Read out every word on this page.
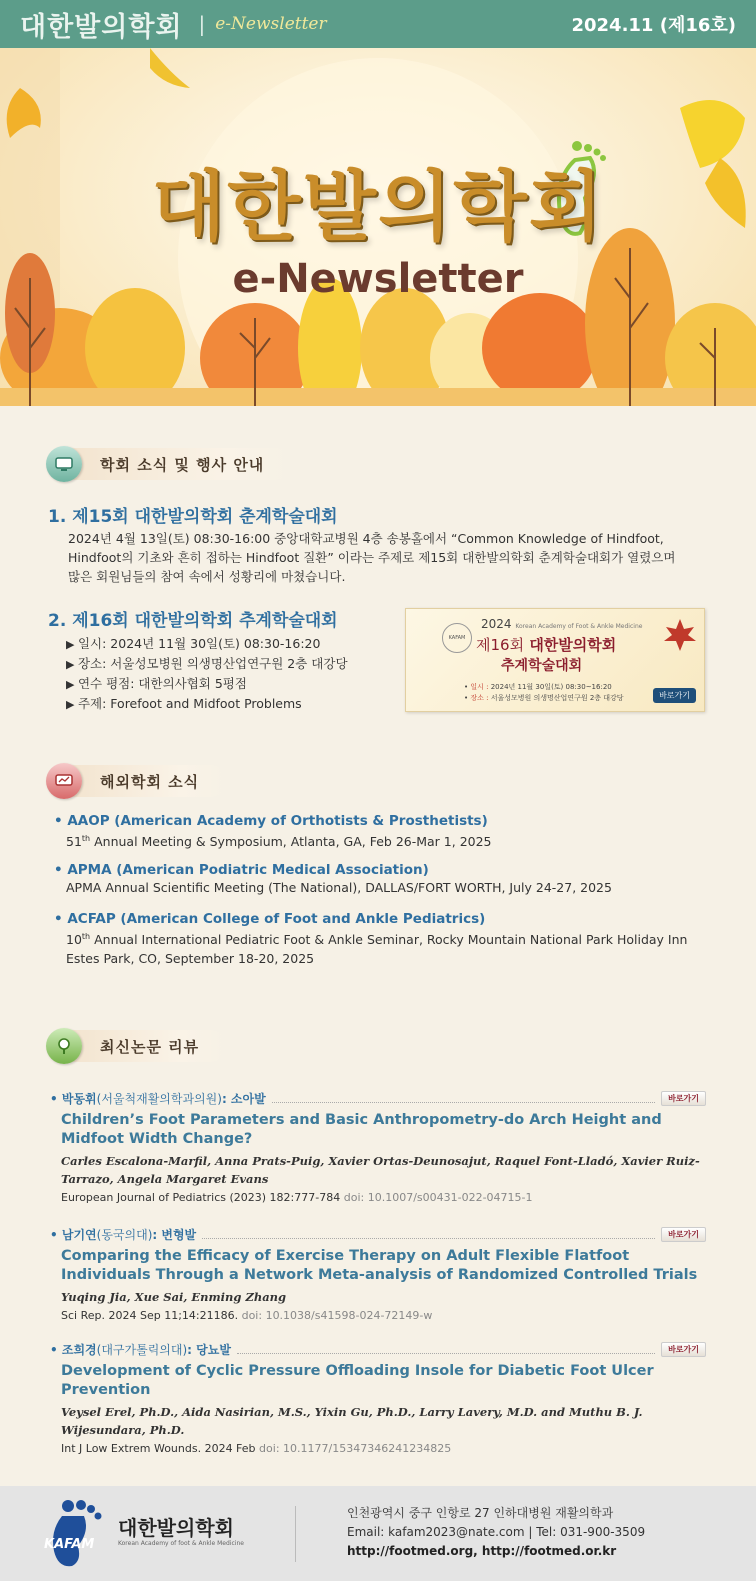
대한발의학회 | e-Newsletter	2024.11 (제16호)
대한발의학회
e-Newsletter
학회 소식 및 행사 안내
1. 제15회 대한발의학회 춘계학술대회
2024년 4월 13일(토) 08:30-16:00 중앙대학교병원 4층 송봉홀에서 “Common Knowledge of Hindfoot,
Hindfoot의 기초와 흔히 접하는 Hindfoot 질환” 이라는 주제로 제15회 대한발의학회 춘계학술대회가 열렸으며
많은 회원님들의 참여 속에서 성황리에 마쳤습니다.
2. 제16회 대한발의학회 추계학술대회
▶ 일시: 2024년 11월 30일(토) 08:30-16:20
▶ 장소: 서울성모병원 의생명산업연구원 2층 대강당
▶ 연수 평점: 대한의사협회 5평점
▶ 주제: Forefoot and Midfoot Problems
KAFAM
2024 Korean Academy of Foot & Ankle Medicine
제16회 대한발의학회
추계학술대회
• 일시 : 2024년 11월 30일(토) 08:30~16:20
• 장소 : 서울성모병원 의생명산업연구원 2층 대강당	바로가기
해외학회 소식
• AAOP (American Academy of Orthotists & Prosthetists)
51th Annual Meeting & Symposium, Atlanta, GA, Feb 26-Mar 1, 2025
• APMA (American Podiatric Medical Association)
APMA Annual Scientific Meeting (The National), DALLAS/FORT WORTH, July 24-27, 2025
• ACFAP (American College of Foot and Ankle Pediatrics)
10th Annual International Pediatric Foot & Ankle Seminar, Rocky Mountain National Park Holiday Inn
Estes Park, CO, September 18-20, 2025
최신논문 리뷰
• 박동휘 (서울척재활의학과의원) : 소아발	바로가기
Children’s Foot Parameters and Basic Anthropometry-do Arch Height and Midfoot Width Change?
Carles Escalona-Marfil, Anna Prats-Puig, Xavier Ortas-Deunosajut, Raquel Font-Lladó, Xavier Ruiz-Tarrazo, Angela Margaret Evans
European Journal of Pediatrics (2023) 182:777-784 doi: 10.1007/s00431-022-04715-1
• 남기연 (동국의대) : 변형발	바로가기
Comparing the Efficacy of Exercise Therapy on Adult Flexible Flatfoot Individuals Through a Network Meta-analysis of Randomized Controlled Trials
Yuqing Jia, Xue Sai, Enming Zhang
Sci Rep. 2024 Sep 11;14:21186. doi: 10.1038/s41598-024-72149-w
• 조희경 (대구가톨릭의대) : 당뇨발	바로가기
Development of Cyclic Pressure Offloading Insole for Diabetic Foot Ulcer Prevention
Veysel Erel, Ph.D., Aida Nasirian, M.S., Yixin Gu, Ph.D., Larry Lavery, M.D. and Muthu B. J. Wijesundara, Ph.D.
Int J Low Extrem Wounds. 2024 Feb doi: 10.1177/15347346241234825
KAFAM
대한발의학회
Korean Academy of foot & Ankle Medicine
인천광역시 중구 인항로 27 인하대병원 재활의학과
Email: kafam2023@nate.com | Tel: 031-900-3509
http://footmed.org, http://footmed.or.kr
